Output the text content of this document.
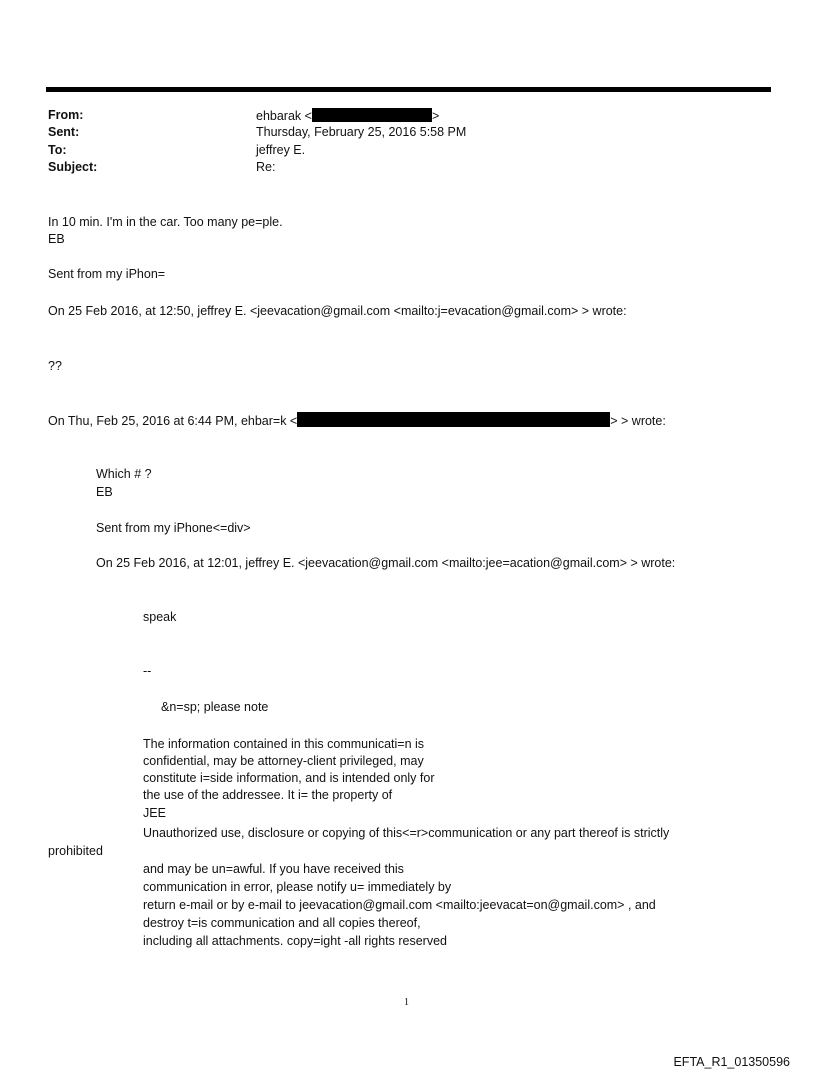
From:	ehbarak <	>
Sent:	Thursday, February 25, 2016 5:58 PM
To:	jeffrey E.
Subject:	Re:
In 10 min. I'm in the car. Too many pe=ple.
EB
Sent from my iPhon=
On 25 Feb 2016, at 12:50, jeffrey E. <jeevacation@gmail.com <mailto:j=evacation@gmail.com> > wrote:
??
On Thu, Feb 25, 2016 at 6:44 PM, ehbar=k <	> > wrote:
Which # ?
EB
Sent from my iPhone<=div>
On 25 Feb 2016, at 12:01, jeffrey E. <jeevacation@gmail.com <mailto:jee=acation@gmail.com> > wrote:
speak
--
&n=sp; please note
The information contained in this communicati=n is
confidential, may be attorney-client privileged, may
constitute i=side information, and is intended only for
the use of the addressee. It i= the property of
JEE
Unauthorized use, disclosure or copying of this<=r>communication or any part thereof is strictly
prohibited
and may be un=awful. If you have received this
communication in error, please notify u= immediately by
return e-mail or by e-mail to jeevacation@gmail.com <mailto:jeevacat=on@gmail.com> , and
destroy t=is communication and all copies thereof,
including all attachments. copy=ight -all rights reserved
1
EFTA_R1_01350596
